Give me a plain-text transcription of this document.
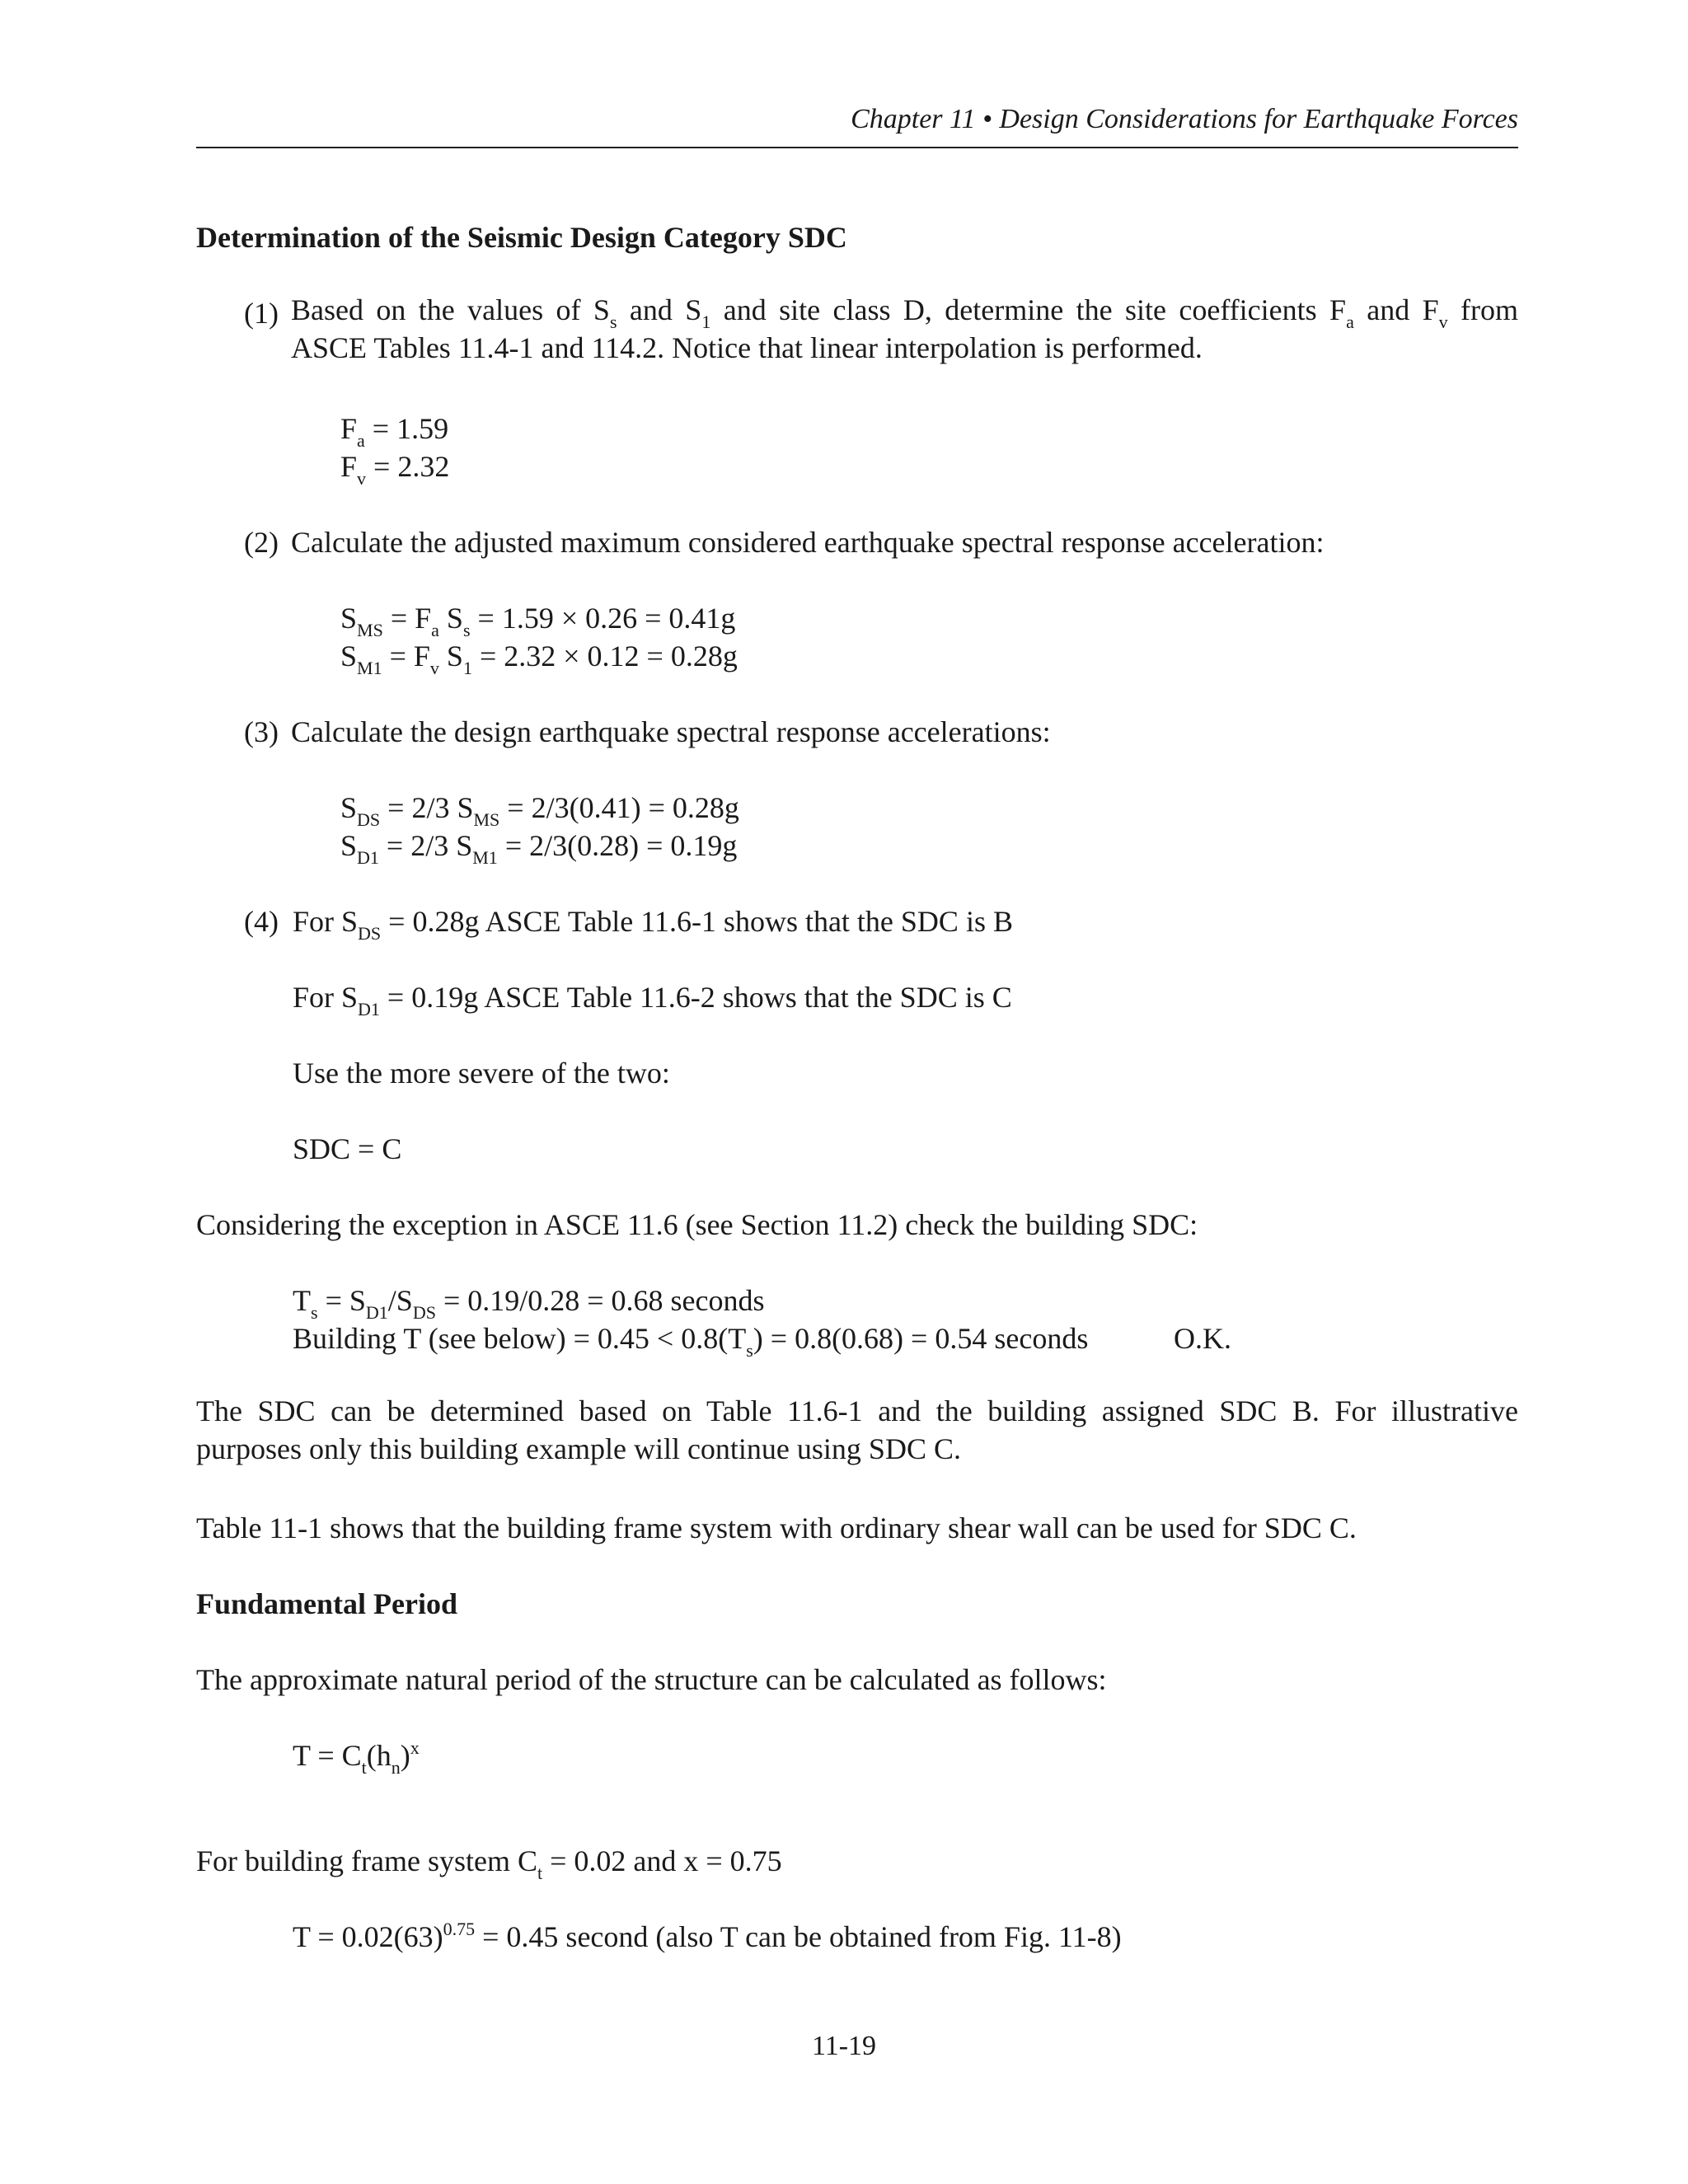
Chapter 11 • Design Considerations for Earthquake Forces
Determination of the Seismic Design Category SDC
(1) Based on the values of $S_s$ and $S_1$ and site class D, determine the site coefficients $F_a$ and $F_v$ from
ASCE Tables 11.4-1 and 114.2. Notice that linear interpolation is performed.
$F_a = 1.59$
$F_v = 2.32$
(2) Calculate the adjusted maximum considered earthquake spectral response acceleration:
$S_{MS} = F_a$ $S_s = 1.59 \times 0.26 = 0.41g$
$S_{M1} = F_v$ $S_1 = 2.32 \times 0.12 = 0.28g$
(3) Calculate the design earthquake spectral response accelerations:
$S_{DS} = 2/3$ $S_{MS} = 2/3(0.41) = 0.28g$
$S_{D1} = 2/3$ $S_{M1} = 2/3(0.28) = 0.19g$
(4) For $S_{DS} = 0.28g$ ASCE Table 11.6-1 shows that the SDC is B
For $S_{D1} = 0.19g$ ASCE Table 11.6-2 shows that the SDC is C
Use the more severe of the two:
SDC = C
Considering the exception in ASCE 11.6 (see Section 11.2) check the building SDC:
$T_s = S_{D1}/S_{DS} = 0.19/0.28 = 0.68$ seconds
Building T (see below) = $0.45 < 0.8(T_s) = 0.8(0.68) = 0.54$ seconds	O.K.
The SDC can be determined based on Table 11.6-1 and the building assigned SDC B. For illustrative
purposes only this building example will continue using SDC C.
Table 11-1 shows that the building frame system with ordinary shear wall can be used for SDC C.
Fundamental Period
The approximate natural period of the structure can be calculated as follows:
$T = C_t(h_n)^x$
For building frame system $C_t = 0.02$ and x = 0.75
$T = 0.02(63)^{0.75} = 0.45$ second (also T can be obtained from Fig. 11-8)
11-19
